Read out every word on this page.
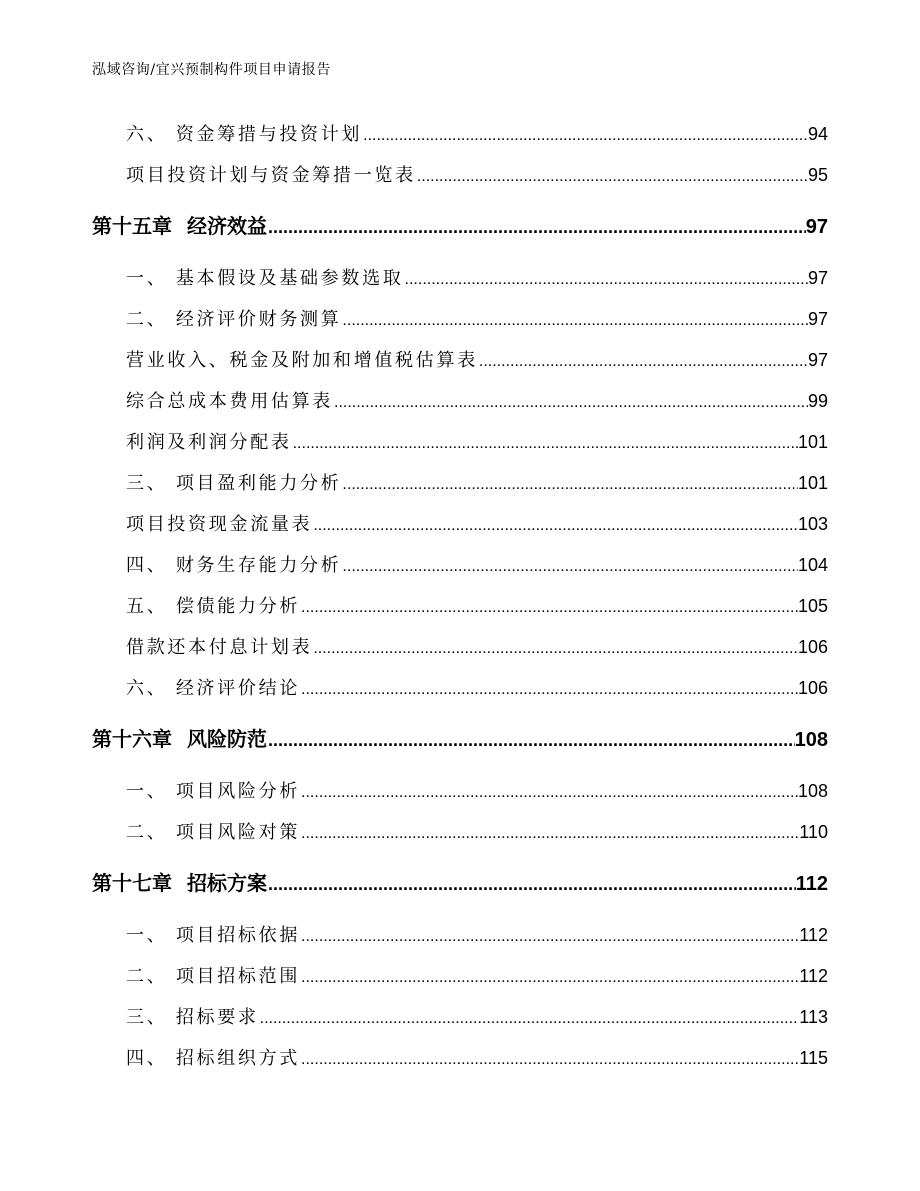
泓域咨询/宜兴预制构件项目申请报告
六、 资金筹措与投资计划 .....	94
项目投资计划与资金筹措一览表 .....	95
第十五章 经济效益 .....	97
一、 基本假设及基础参数选取 .....	97
二、 经济评价财务测算 .....	97
营业收入、税金及附加和增值税估算表 .....	97
综合总成本费用估算表 .....	99
利润及利润分配表 .....	101
三、 项目盈利能力分析 .....	101
项目投资现金流量表 .....	103
四、 财务生存能力分析 .....	104
五、 偿债能力分析 .....	105
借款还本付息计划表 .....	106
六、 经济评价结论 .....	106
第十六章 风险防范 .....	108
一、 项目风险分析 .....	108
二、 项目风险对策 .....	110
第十七章 招标方案 .....	112
一、 项目招标依据 .....	112
二、 项目招标范围 .....	112
三、 招标要求 .....	113
四、 招标组织方式 .....	115
